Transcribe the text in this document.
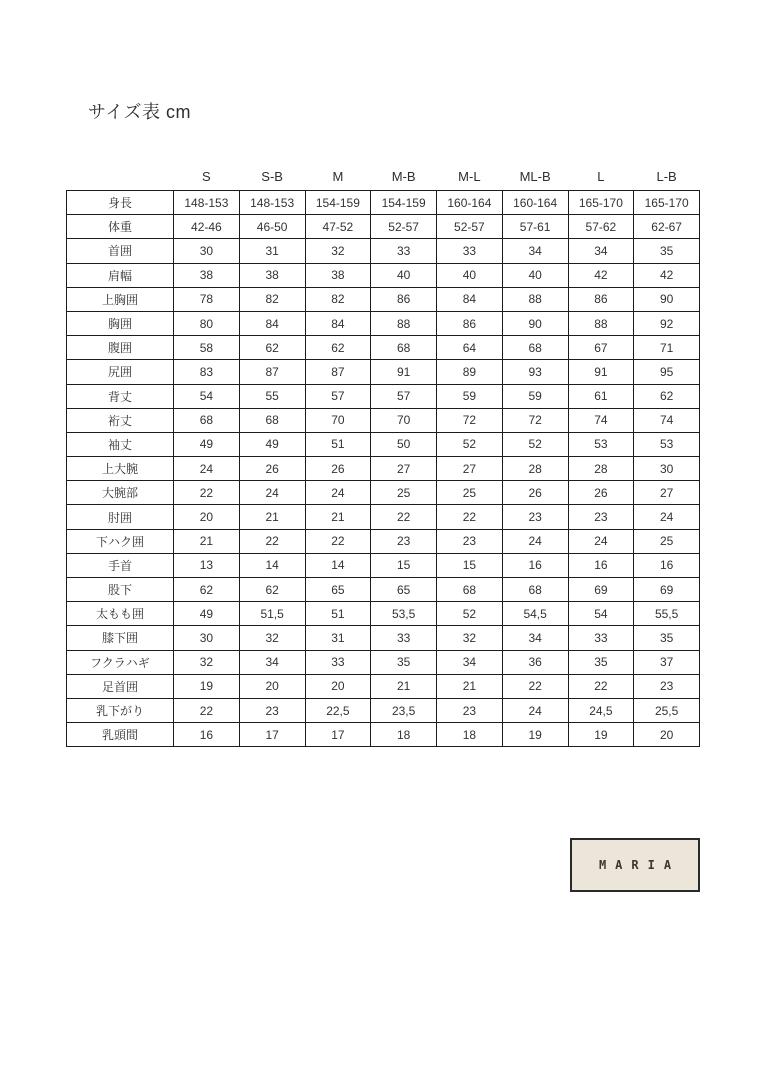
サイズ表 cm
	S	S-B	M	M-B	M-L	ML-B	L	L-B
身長	148-153	148-153	154-159	154-159	160-164	160-164	165-170	165-170
体重	42-46	46-50	47-52	52-57	52-57	57-61	57-62	62-67
首囲	30	31	32	33	33	34	34	35
肩幅	38	38	38	40	40	40	42	42
上胸囲	78	82	82	86	84	88	86	90
胸囲	80	84	84	88	86	90	88	92
腹囲	58	62	62	68	64	68	67	71
尻囲	83	87	87	91	89	93	91	95
背丈	54	55	57	57	59	59	61	62
裄丈	68	68	70	70	72	72	74	74
袖丈	49	49	51	50	52	52	53	53
上大腕	24	26	26	27	27	28	28	30
大腕部	22	24	24	25	25	26	26	27
肘囲	20	21	21	22	22	23	23	24
下ハク囲	21	22	22	23	23	24	24	25
手首	13	14	14	15	15	16	16	16
股下	62	62	65	65	68	68	69	69
太もも囲	49	51,5	51	53,5	52	54,5	54	55,5
膝下囲	30	32	31	33	32	34	33	35
フクラハギ	32	34	33	35	34	36	35	37
足首囲	19	20	20	21	21	22	22	23
乳下がり	22	23	22,5	23,5	23	24	24,5	25,5
乳頭間	16	17	17	18	18	19	19	20
MARIA
